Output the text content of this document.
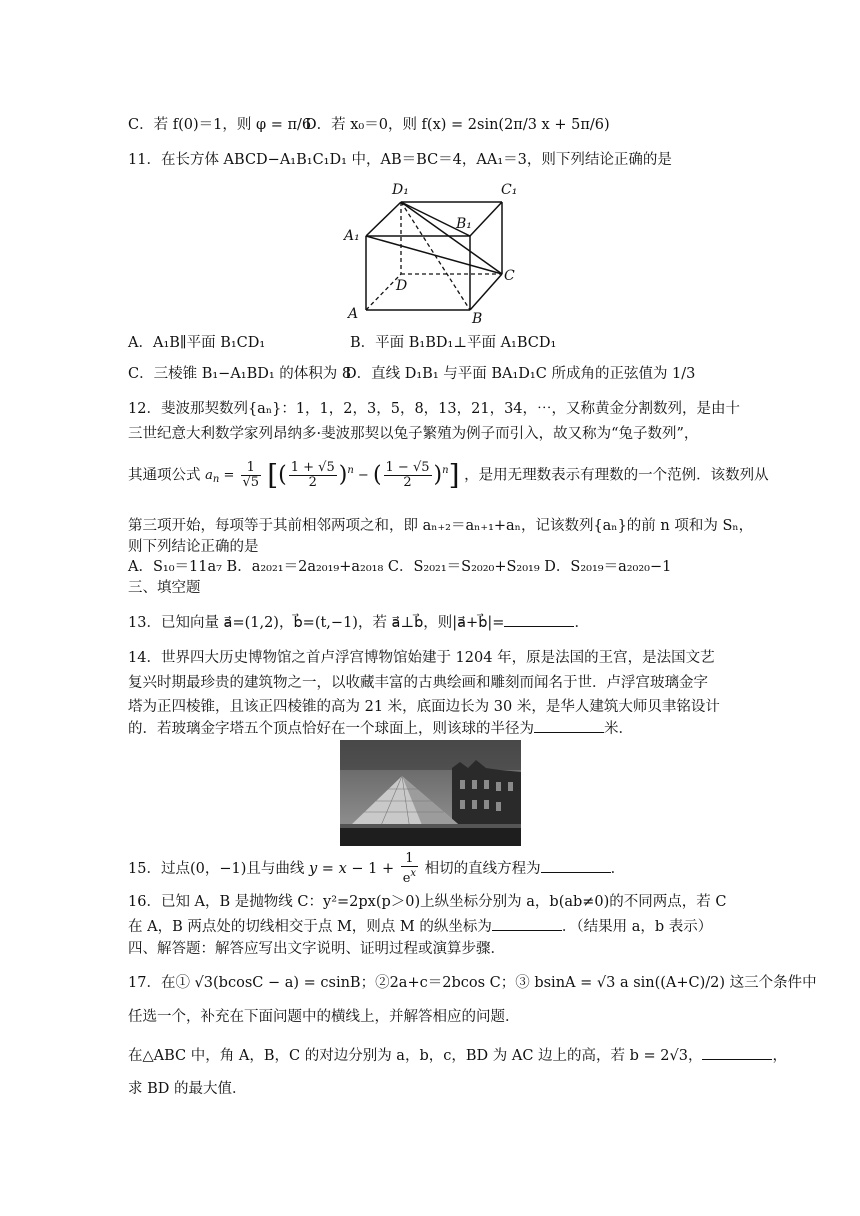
C．若 f(0)＝1，则 φ = π/6
D．若 x₀＝0，则 f(x) = 2sin(2π/3 x + 5π/6)
11．在长方体 ABCD−A₁B₁C₁D₁ 中，AB＝BC＝4，AA₁＝3，则下列结论正确的是
D₁	C₁
A₁
B₁
D
C
A	B
A．A₁B∥平面 B₁CD₁	B．平面 B₁BD₁⊥平面 A₁BCD₁
C．三棱锥 B₁−A₁BD₁ 的体积为 8
D．直线 D₁B₁ 与平面 BA₁D₁C 所成角的正弦值为 1/3
12．斐波那契数列{aₙ}：1，1，2，3，5，8，13，21，34，⋯，又称黄金分割数列，是由十
三世纪意大利数学家列昂纳多·斐波那契以兔子繁殖为例子而引入，故又称为“兔子数列”，
其通项公式 $a_n = \frac{1}{√5}$ [( $\frac{1 + √5}{2} )^n$ − ( $\frac{1 - √5}{2} )^n$] ，是用无理数表示有理数的一个范例．该数列从
第三项开始，每项等于其前相邻两项之和，即 aₙ₊₂＝aₙ₊₁+aₙ，记该数列{aₙ}的前 n 项和为 Sₙ，
则下列结论正确的是
A．S₁₀＝11a₇ B．a₂₀₂₁＝2a₂₀₁₉+a₂₀₁₈ C．S₂₀₂₁＝S₂₀₂₀+S₂₀₁₉ D．S₂₀₁₉＝a₂₀₂₀−1
三、填空题
13．已知向量 a⃗=(1,2)，b⃗=(t,−1)，若 a⃗⊥b⃗，则|a⃗+b⃗|=	．
14．世界四大历史博物馆之首卢浮宫博物馆始建于 1204 年，原是法国的王宫，是法国文艺
复兴时期最珍贵的建筑物之一，以收藏丰富的古典绘画和雕刻而闻名于世．卢浮宫玻璃金字
塔为正四棱锥，且该正四棱锥的高为 21 米，底面边长为 30 米，是华人建筑大师贝聿铭设计
的．若玻璃金字塔五个顶点恰好在一个球面上，则该球的半径为	米．
15．过点(0，−1)且与曲线 $y = x - 1 + \frac{1}{e^x}$ 相切的直线方程为	．
16．已知 A，B 是抛物线 C：y²=2px(p＞0)上纵坐标分别为 a，b(ab≠0)的不同两点，若 C
在 A，B 两点处的切线相交于点 M，则点 M 的纵坐标为	．（结果用 a，b 表示）
四、解答题：解答应写出文字说明、证明过程或演算步骤．
17．在① √3(bcosC − a) = csinB；②2a+c＝2bcos C；③ bsinA = √3 a sin((A+C)/2) 这三个条件中
任选一个，补充在下面问题中的横线上，并解答相应的问题．
在△ABC 中，角 A，B，C 的对边分别为 a，b，c，BD 为 AC 边上的高，若 b = 2√3，	，
求 BD 的最大值．
